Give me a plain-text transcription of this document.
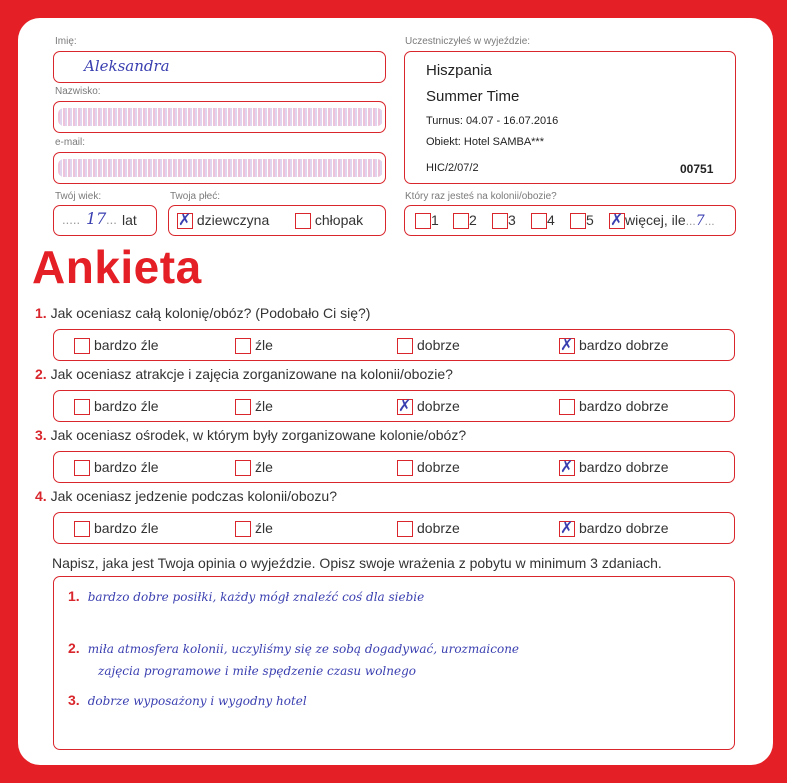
Imię:
Aleksandra
Nazwisko:
e-mail:
Twój wiek:
..... 17 ... lat
Twoja płeć:
✗ dziewczyna	chłopak
Uczestniczyłeś w wyjeździe:
Hiszpania
Summer Time
Turnus: 04.07 - 16.07.2016
Obiekt: Hotel SAMBA***
HIC/2/07/2	00751
Który raz jesteś na kolonii/obozie?
1	2	3	4	5 ✗	więcej, ile...7...
Ankieta
1. Jak oceniasz całą kolonię/obóz? (Podobało Ci się?)
bardzo źle	źle	dobrze ✗	bardzo dobrze
2. Jak oceniasz atrakcje i zajęcia zorganizowane na kolonii/obozie?
bardzo źle	źle ✗	dobrze	bardzo dobrze
3. Jak oceniasz ośrodek, w którym były zorganizowane kolonie/obóz?
bardzo źle	źle	dobrze ✗	bardzo dobrze
4. Jak oceniasz jedzenie podczas kolonii/obozu?
bardzo źle	źle	dobrze ✗	bardzo dobrze
Napisz, jaka jest Twoja opinia o wyjeździe. Opisz swoje wrażenia z pobytu w minimum 3 zdaniach.
1. bardzo dobre posiłki, każdy mógł znaleźć coś dla siebie
2. miła atmosfera kolonii, uczyliśmy się ze sobą dogadywać, urozmaicone
zajęcia programowe i miłe spędzenie czasu wolnego
3. dobrze wyposażony i wygodny hotel
